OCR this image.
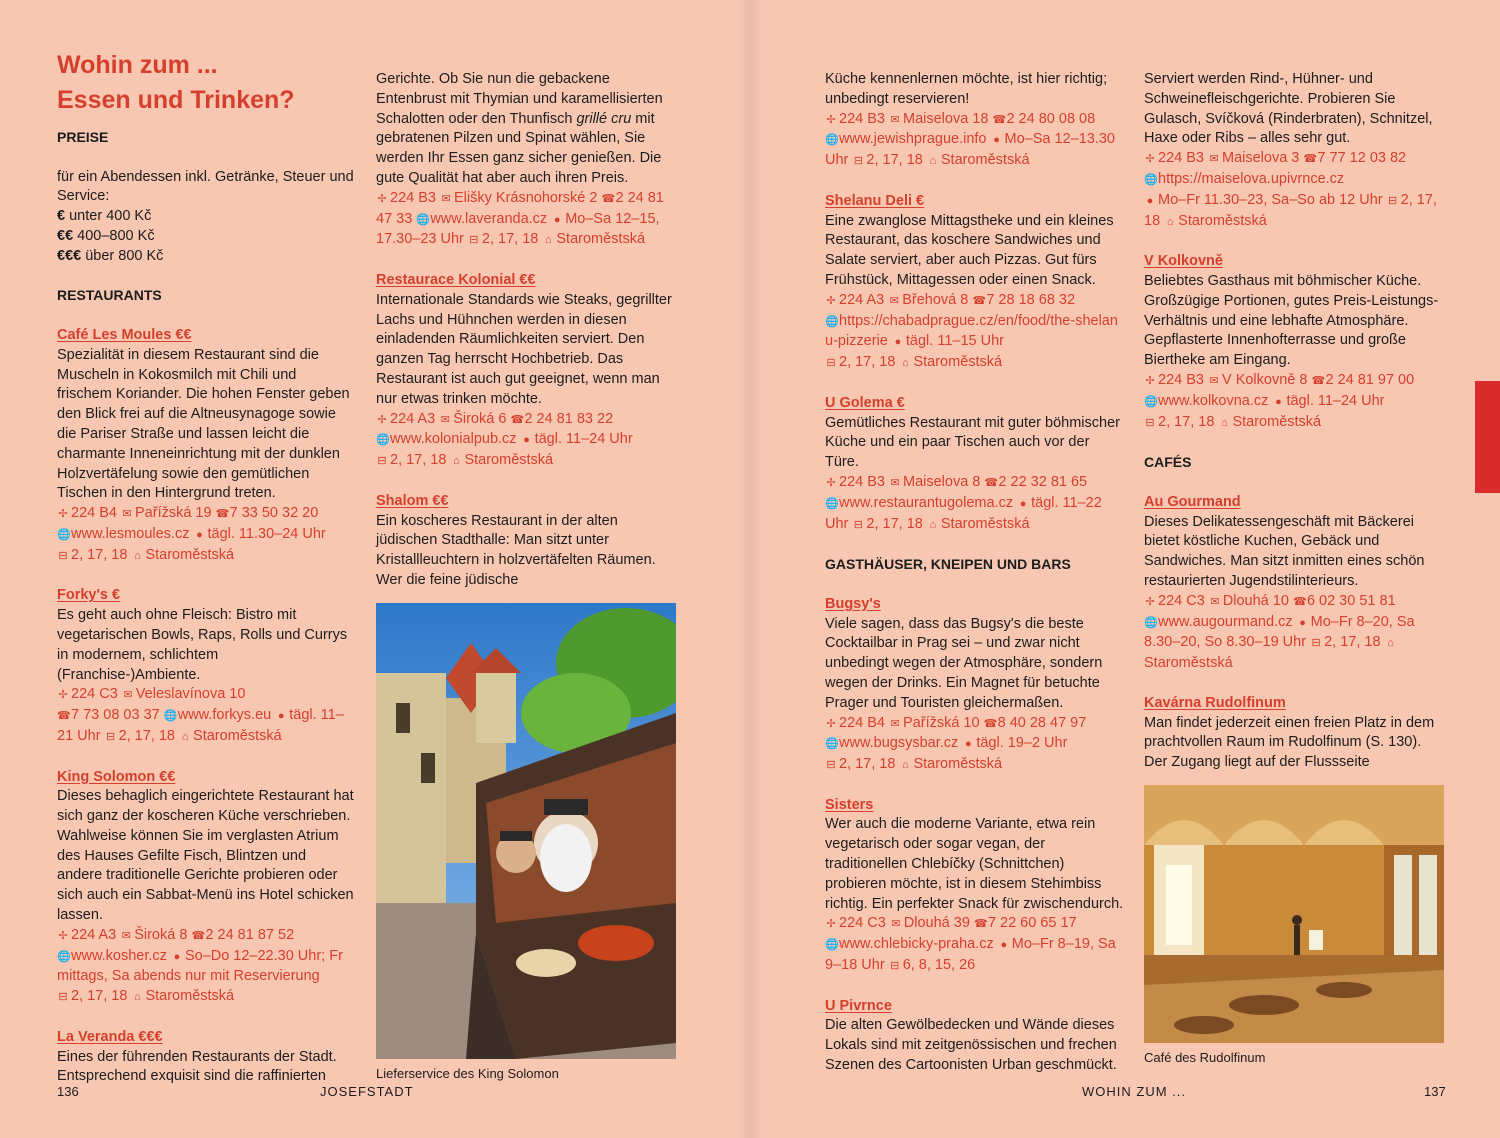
Wohin zum ...
Essen und Trinken?

PREISE

für ein Abendessen inkl. Getränke, Steuer und Service:

€ unter 400 Kč

€€ 400–800 Kč

€€€ über 800 Kč

RESTAURANTS

Café Les Moules €€

Spezialität in diesem Restaurant sind die Muscheln in Kokosmilch mit Chili und frischem Koriander. Die hohen Fenster geben den Blick frei auf die Altneusynagoge sowie die Pariser Straße und lassen leicht die charmante Inneneinrichtung mit der dunklen Holzvertäfelung sowie den gemütlichen Tischen in den Hintergrund treten.

✢ 224 B4 ✉ Pařížská 19 ☎7 33 50 32 20
🌐www.lesmoules.cz ● tägl. 11.30–24 Uhr
⊟ 2, 17, 18 ⌂ Staroměstská

Forky's €

Es geht auch ohne Fleisch: Bistro mit vegetarischen Bowls, Raps, Rolls und Currys in modernem, schlichtem (Franchise-)Ambiente.

✢ 224 C3 ✉ Veleslavínova 10
☎7 73 08 03 37 🌐www.forkys.eu ● tägl. 11–21 Uhr ⊟ 2, 17, 18 ⌂ Staroměstská

King Solomon €€

Dieses behaglich eingerichtete Restaurant hat sich ganz der koscheren Küche verschrieben. Wahlweise können Sie im verglasten Atrium des Hauses Gefilte Fisch, Blintzen und andere traditionelle Gerichte probieren oder sich auch ein Sabbat-Menü ins Hotel schicken lassen.

✢ 224 A3 ✉ Široká 8 ☎2 24 81 87 52
🌐www.kosher.cz ● So–Do 12–22.30 Uhr; Fr mittags, Sa abends nur mit Reservierung
⊟ 2, 17, 18 ⌂ Staroměstská

La Veranda €€€

Eines der führenden Restaurants der Stadt. Entsprechend exquisit sind die raffinierten

Gerichte. Ob Sie nun die gebackene Entenbrust mit Thymian und karamellisierten Schalotten oder den Thunfisch grillé cru mit gebratenen Pilzen und Spinat wählen, Sie werden Ihr Essen ganz sicher genießen. Die gute Qualität hat aber auch ihren Preis.

✢ 224 B3 ✉ Elišky Krásnohorské 2 ☎2 24 81 47 33 🌐www.laveranda.cz ● Mo–Sa 12–15, 17.30–23 Uhr ⊟ 2, 17, 18 ⌂ Staroměstská

Restaurace Kolonial €€

Internationale Standards wie Steaks, gegrillter Lachs und Hühnchen werden in diesen einladenden Räumlichkeiten serviert. Den ganzen Tag herrscht Hochbetrieb. Das Restaurant ist auch gut geeignet, wenn man nur etwas trinken möchte.

✢ 224 A3 ✉ Široká 6 ☎2 24 81 83 22
🌐www.kolonialpub.cz ● tägl. 11–24 Uhr
⊟ 2, 17, 18 ⌂ Staroměstská

Shalom €€

Ein koscheres Restaurant in der alten jüdischen Stadthalle: Man sitzt unter Kristallleuchtern in holzvertäfelten Räumen. Wer die feine jüdische

Lieferservice des King Solomon

Küche kennenlernen möchte, ist hier richtig; unbedingt reservieren!

✢ 224 B3 ✉ Maiselova 18 ☎2 24 80 08 08
🌐www.jewishprague.info ● Mo–Sa 12–13.30 Uhr ⊟ 2, 17, 18 ⌂ Staroměstská

Shelanu Deli €

Eine zwanglose Mittagstheke und ein kleines Restaurant, das koschere Sandwiches und Salate serviert, aber auch Pizzas. Gut fürs Frühstück, Mittagessen oder einen Snack.

✢ 224 A3 ✉ Břehová 8 ☎7 28 18 68 32
🌐https://chabadprague.cz/en/food/the-shelanu-pizzerie ● tägl. 11–15 Uhr
⊟ 2, 17, 18 ⌂ Staroměstská

U Golema €

Gemütliches Restaurant mit guter böhmischer Küche und ein paar Tischen auch vor der Türe.

✢ 224 B3 ✉ Maiselova 8 ☎2 22 32 81 65
🌐www.restaurantugolema.cz ● tägl. 11–22 Uhr ⊟ 2, 17, 18 ⌂ Staroměstská

GASTHÄUSER, KNEIPEN UND BARS

Bugsy's

Viele sagen, dass das Bugsy's die beste Cocktailbar in Prag sei – und zwar nicht unbedingt wegen der Atmosphäre, sondern wegen der Drinks. Ein Magnet für betuchte Prager und Touristen gleichermaßen.

✢ 224 B4 ✉ Pařížská 10 ☎8 40 28 47 97
🌐www.bugsysbar.cz ● tägl. 19–2 Uhr
⊟ 2, 17, 18 ⌂ Staroměstská

Sisters

Wer auch die moderne Variante, etwa rein vegetarisch oder sogar vegan, der traditionellen Chlebíčky (Schnittchen) probieren möchte, ist in diesem Stehimbiss richtig. Ein perfekter Snack für zwischendurch.

✢ 224 C3 ✉ Dlouhá 39 ☎7 22 60 65 17
🌐www.chlebicky-praha.cz ● Mo–Fr 8–19, Sa 9–18 Uhr ⊟ 6, 8, 15, 26

U Pivrnce

Die alten Gewölbedecken und Wände dieses Lokals sind mit zeitgenössischen und frechen Szenen des Cartoonisten Urban geschmückt.

Serviert werden Rind-, Hühner- und Schweinefleischgerichte. Probieren Sie Gulasch, Svíčková (Rinderbraten), Schnitzel, Haxe oder Ribs – alles sehr gut.

✢ 224 B3 ✉ Maiselova 3 ☎7 77 12 03 82
🌐https://maiselova.upivrnce.cz
● Mo–Fr 11.30–23, Sa–So ab 12 Uhr ⊟ 2, 17, 18 ⌂ Staroměstská

V Kolkovně

Beliebtes Gasthaus mit böhmischer Küche. Großzügige Portionen, gutes Preis-Leistungs-Verhältnis und eine lebhafte Atmosphäre. Gepflasterte Innenhofterrasse und große Biertheke am Eingang.

✢ 224 B3 ✉ V Kolkovně 8 ☎2 24 81 97 00
🌐www.kolkovna.cz ● tägl. 11–24 Uhr
⊟ 2, 17, 18 ⌂ Staroměstská

CAFÉS

Au Gourmand

Dieses Delikatessengeschäft mit Bäckerei bietet köstliche Kuchen, Gebäck und Sandwiches. Man sitzt inmitten eines schön restaurierten Jugendstilinterieurs.

✢ 224 C3 ✉ Dlouhá 10 ☎6 02 30 51 81
🌐www.augourmand.cz ● Mo–Fr 8–20, Sa 8.30–20, So 8.30–19 Uhr ⊟ 2, 17, 18 ⌂Staroměstská

Kavárna Rudolfinum

Man findet jederzeit einen freien Platz in dem prachtvollen Raum im Rudolfinum (S. 130). Der Zugang liegt auf der Flussseite

Café des Rudolfinum

136	JOSEFSTADT	WOHIN ZUM ...	137
